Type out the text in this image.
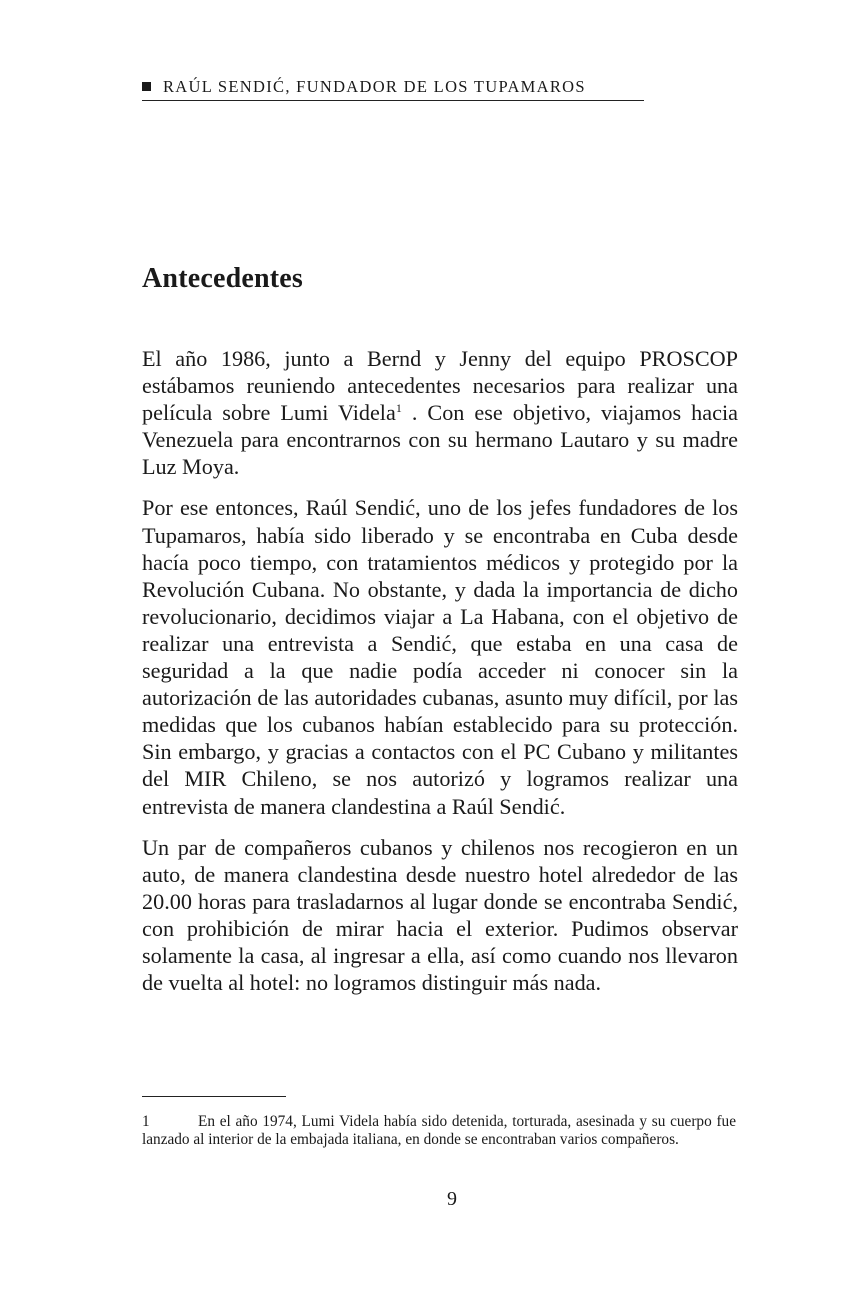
RAÚL SENDIĆ, FUNDADOR DE LOS TUPAMAROS
Antecedentes

El año 1986, junto a Bernd y Jenny del equipo PROSCOP estábamos reuniendo antecedentes necesarios para realizar una película sobre Lumi Videla$^1$ . Con ese objetivo, viajamos hacia Venezuela para encontrarnos con su hermano Lautaro y su madre Luz Moya.

Por ese entonces, Raúl Sendić, uno de los jefes fundadores de los Tupamaros, había sido liberado y se encontraba en Cuba desde hacía poco tiempo, con tratamientos médicos y protegido por la Revolución Cubana. No obstante, y dada la importancia de dicho revolucionario, decidimos viajar a La Habana, con el objetivo de realizar una entrevista a Sendić, que estaba en una casa de seguridad a la que nadie podía acceder ni conocer sin la autorización de las autoridades cubanas, asunto muy difícil, por las medidas que los cubanos habían establecido para su protección. Sin embargo, y gracias a contactos con el PC Cubano y militantes del MIR Chileno, se nos autorizó y logramos realizar una entrevista de manera clandestina a Raúl Sendić.

Un par de compañeros cubanos y chilenos nos recogieron en un auto, de manera clandestina desde nuestro hotel alrededor de las 20.00 horas para trasladarnos al lugar donde se encontraba Sendić, con prohibición de mirar hacia el exterior. Pudimos observar solamente la casa, al ingresar a ella, así como cuando nos llevaron de vuelta al hotel: no logramos distinguir más nada.

1	En el año 1974, Lumi Videla había sido detenida, torturada, asesinada y su cuerpo fue lanzado al interior de la embajada italiana, en donde se encontraban varios compañeros.
9
